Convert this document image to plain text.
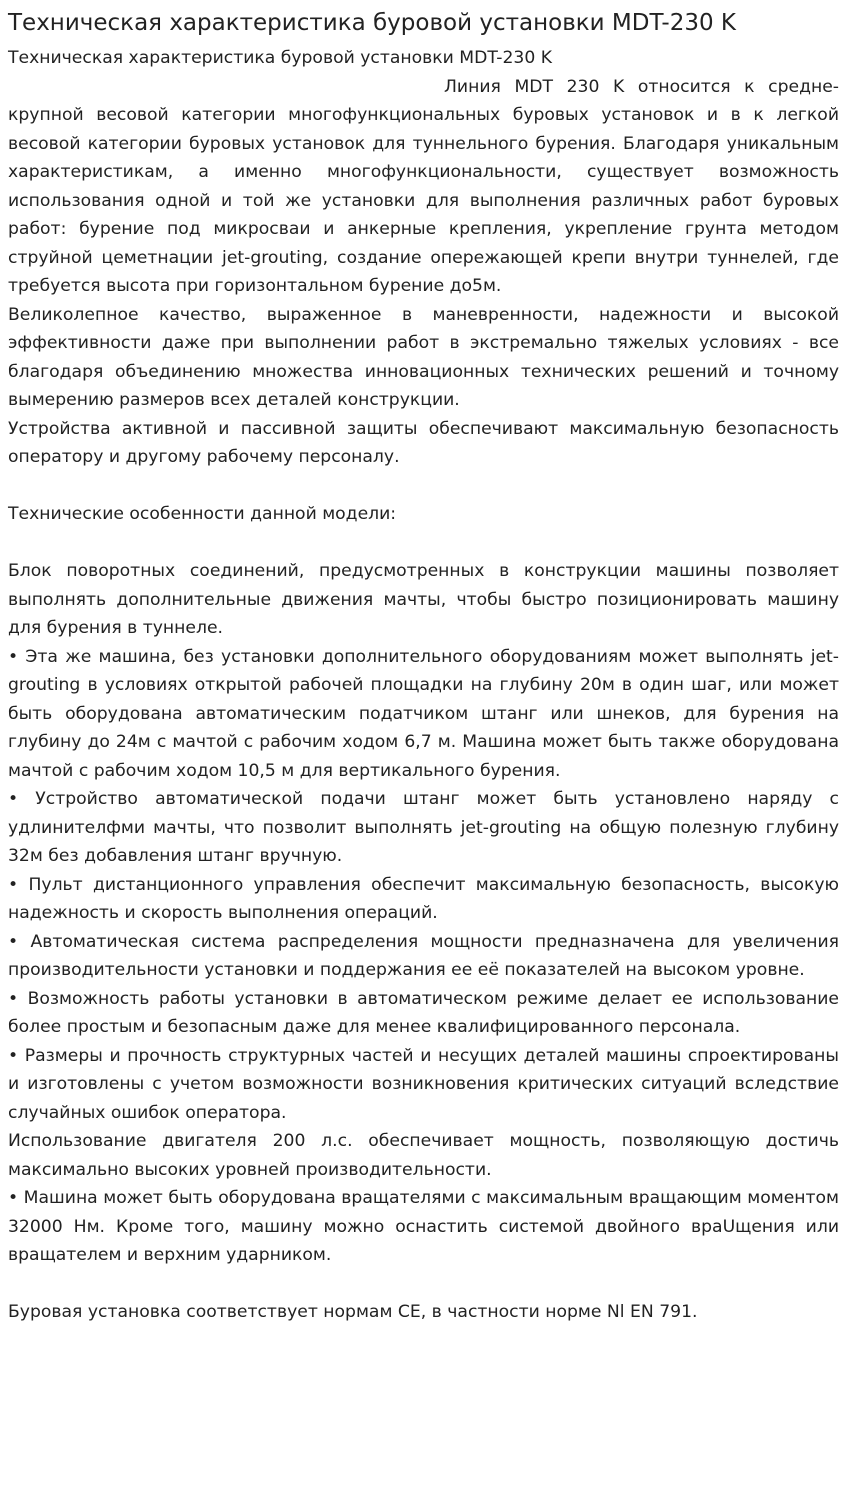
Техническая характеристика буровой установки MDT-230 K

Техническая характеристика буровой установки MDT-230 K

Линия MDT 230 K относится к средне-крупной весовой категории многофункциональных буровых установок и в к легкой весовой категории буровых установок для туннельного бурения. Благодаря уникальным характеристикам, а именно многофункциональности, существует возможность использования одной и той же установки для выполнения различных работ буровых работ: бурение под микросваи и анкерные крепления, укрепление грунта методом струйной цеметнации jet-grouting, создание опережающей крепи внутри туннелей, где требуется высота при горизонтальном бурение до5м.

Великолепное качество, выраженное в маневренности, надежности и высокой эффективности даже при выполнении работ в экстремально тяжелых условиях - все благодаря объединению множества инновационных технических решений и точному вымерению размеров всех деталей конструкции.

Устройства активной и пассивной защиты обеспечивают максимальную безопасность оператору и другому рабочему персоналу.

Технические особенности данной модели:

Блок поворотных соединений, предусмотренных в конструкции машины позволяет выполнять дополнительные движения мачты, чтобы быстро позиционировать машину для бурения в туннеле.

• Эта же машина, без установки дополнительного оборудованиям может выполнять jet-grouting в условиях открытой рабочей площадки на глубину 20м в один шаг, или может быть оборудована автоматическим податчиком штанг или шнеков, для бурения на глубину до 24м с мачтой с рабочим ходом 6,7 м. Машина может быть также оборудована мачтой с рабочим ходом 10,5 м для вертикального бурения.

• Устройство автоматической подачи штанг может быть установлено наряду с удлинителфми мачты, что позволит выполнять jet-grouting на общую полезную глубину 32м без добавления штанг вручную.

• Пульт дистанционного управления обеспечит максимальную безопасность, высокую надежность и скорость выполнения операций.

• Автоматическая система распределения мощности предназначена для увеличения производительности установки и поддержания ее её показателей на высоком уровне.

• Возможность работы установки в автоматическом режиме делает ее использование более простым и безопасным даже для менее квалифицированного персонала.

• Размеры и прочность структурных частей и несущих деталей машины спроектированы и изготовлены с учетом возможности возникновения критических ситуаций вследствие случайных ошибок оператора.

Использование двигателя 200 л.с. обеспечивает мощность, позволяющую достичь максимально высоких уровней производительности.

• Машина может быть оборудована вращателями с максимальным вращающим моментом 32000 Нм. Кроме того, машину можно оснастить системой двойного враUщения или вращателем и верхним ударником.

Буровая установка соответствует нормам CE, в частности норме Nl EN 791.
